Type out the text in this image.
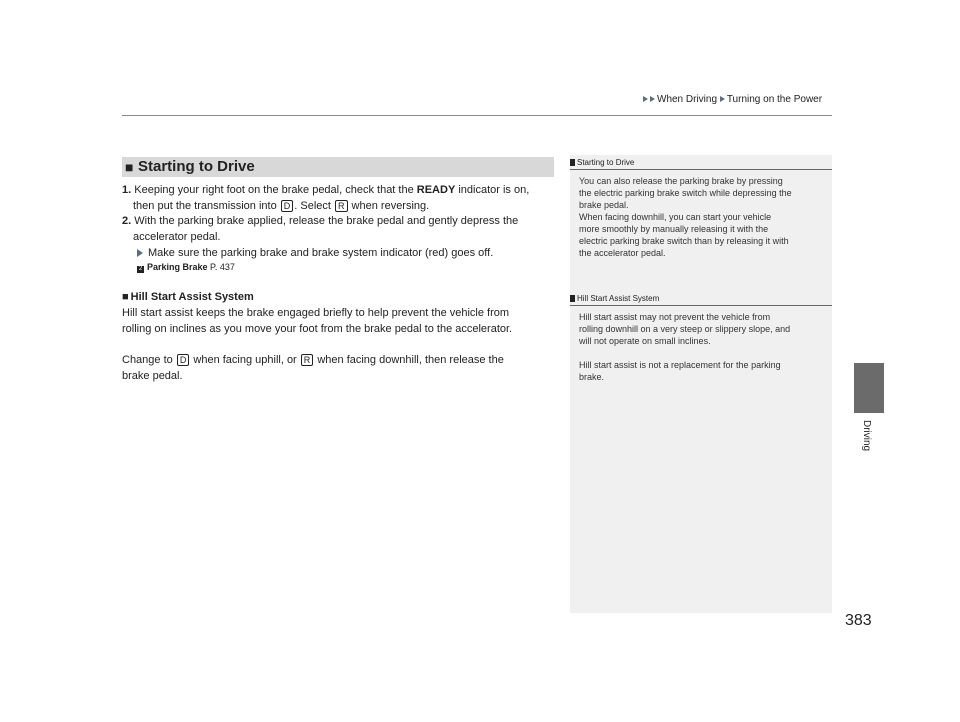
When Driving Turning on the Power
Driving
■ Starting to Drive
1. Keeping your right foot on the brake pedal, check that the READY indicator is on,
then put the transmission into D . Select R when reversing.
2. With the parking brake applied, release the brake pedal and gently depress the
accelerator pedal.
Make sure the parking brake and brake system indicator (red) goes off.
2 Parking Brake P. 437
■ Hill Start Assist System
Hill start assist keeps the brake engaged briefly to help prevent the vehicle from
rolling on inclines as you move your foot from the brake pedal to the accelerator.
Change to D when facing uphill, or R when facing downhill, then release the
brake pedal.
Starting to Drive
You can also release the parking brake by pressing
the electric parking brake switch while depressing the
brake pedal.
When facing downhill, you can start your vehicle
more smoothly by manually releasing it with the
electric parking brake switch than by releasing it with
the accelerator pedal.
Hill Start Assist System
Hill start assist may not prevent the vehicle from
rolling downhill on a very steep or slippery slope, and
will not operate on small inclines.
Hill start assist is not a replacement for the parking
brake.
383
